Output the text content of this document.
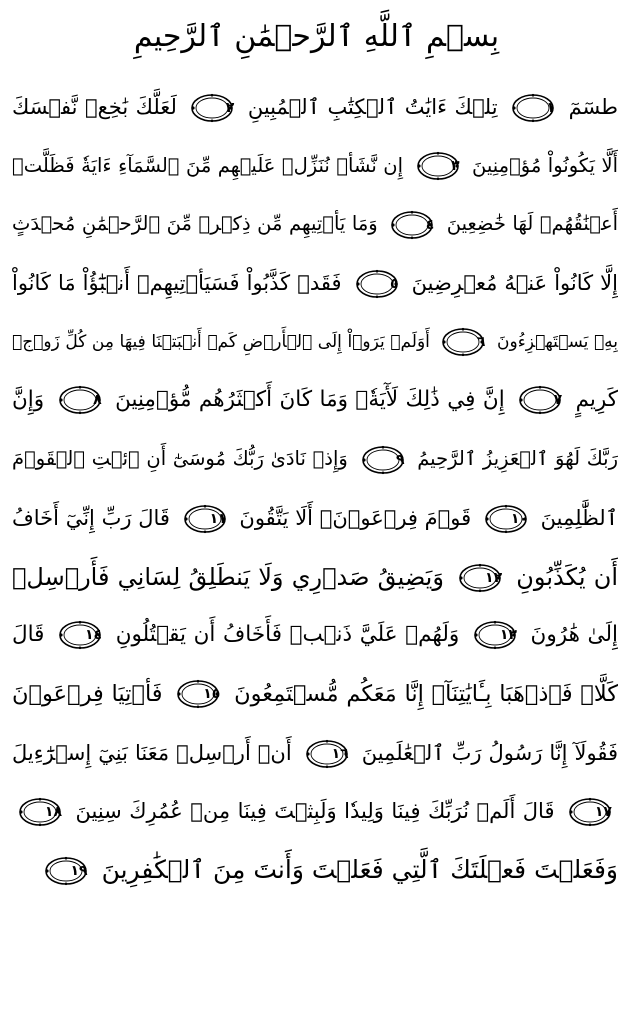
بِسۡمِ ٱللَّهِ ٱلرَّحۡمَٰنِ ٱلرَّحِيمِ
طسٓمٓ
١
تِلۡكَ ءَايَٰتُ ٱلۡكِتَٰبِ ٱلۡمُبِينِ
٢
لَعَلَّكَ بَٰخِعٞ نَّفۡسَكَ
أَلَّا يَكُونُواْ مُؤۡمِنِينَ
٣
إِن نَّشَأۡ نُنَزِّلۡ عَلَيۡهِم مِّنَ ٱلسَّمَآءِ ءَايَةٗ فَظَلَّتۡ
أَعۡنَٰقُهُمۡ لَهَا خَٰضِعِينَ
٤
وَمَا يَأۡتِيهِم مِّن ذِكۡرٖ مِّنَ ٱلرَّحۡمَٰنِ مُحۡدَثٍ
إِلَّا كَانُواْ عَنۡهُ مُعۡرِضِينَ
٥
فَقَدۡ كَذَّبُواْ فَسَيَأۡتِيهِمۡ أَنۢبَٰٓؤُاْ مَا كَانُواْ
بِهِۦ يَسۡتَهۡزِءُونَ
٦
أَوَلَمۡ يَرَوۡاْ إِلَى ٱلۡأَرۡضِ كَمۡ أَنۢبَتۡنَا فِيهَا مِن كُلِّ زَوۡجٖ
كَرِيمٍ
٧
إِنَّ فِي ذَٰلِكَ لَأٓيَةٗۖ وَمَا كَانَ أَكۡثَرُهُم مُّؤۡمِنِينَ
٨
وَإِنَّ
رَبَّكَ لَهُوَ ٱلۡعَزِيزُ ٱلرَّحِيمُ
٩
وَإِذۡ نَادَىٰ رَبُّكَ مُوسَىٰٓ أَنِ ٱئۡتِ ٱلۡقَوۡمَ
ٱلظَّٰلِمِينَ
١٠
قَوۡمَ فِرۡعَوۡنَۚ أَلَا يَتَّقُونَ
١١
قَالَ رَبِّ إِنِّيٓ أَخَافُ
أَن يُكَذِّبُونِ
١٢
وَيَضِيقُ صَدۡرِي وَلَا يَنطَلِقُ لِسَانِي فَأَرۡسِلۡ
إِلَىٰ هَٰرُونَ
١٣
وَلَهُمۡ عَلَيَّ ذَنۢبٞ فَأَخَافُ أَن يَقۡتُلُونِ
١٤
قَالَ
كَلَّاۖ فَٱذۡهَبَا بِـَٔايَٰتِنَآۖ إِنَّا مَعَكُم مُّسۡتَمِعُونَ
١٥
فَأۡتِيَا فِرۡعَوۡنَ
فَقُولَآ إِنَّا رَسُولُ رَبِّ ٱلۡعَٰلَمِينَ
١٦
أَنۡ أَرۡسِلۡ مَعَنَا بَنِيٓ إِسۡرَٰٓءِيلَ
١٧
قَالَ أَلَمۡ نُرَبِّكَ فِينَا وَلِيدٗا وَلَبِثۡتَ فِينَا مِنۡ عُمُرِكَ سِنِينَ
١٨
وَفَعَلۡتَ فَعۡلَتَكَ ٱلَّتِي فَعَلۡتَ وَأَنتَ مِنَ ٱلۡكَٰفِرِينَ
١٩
